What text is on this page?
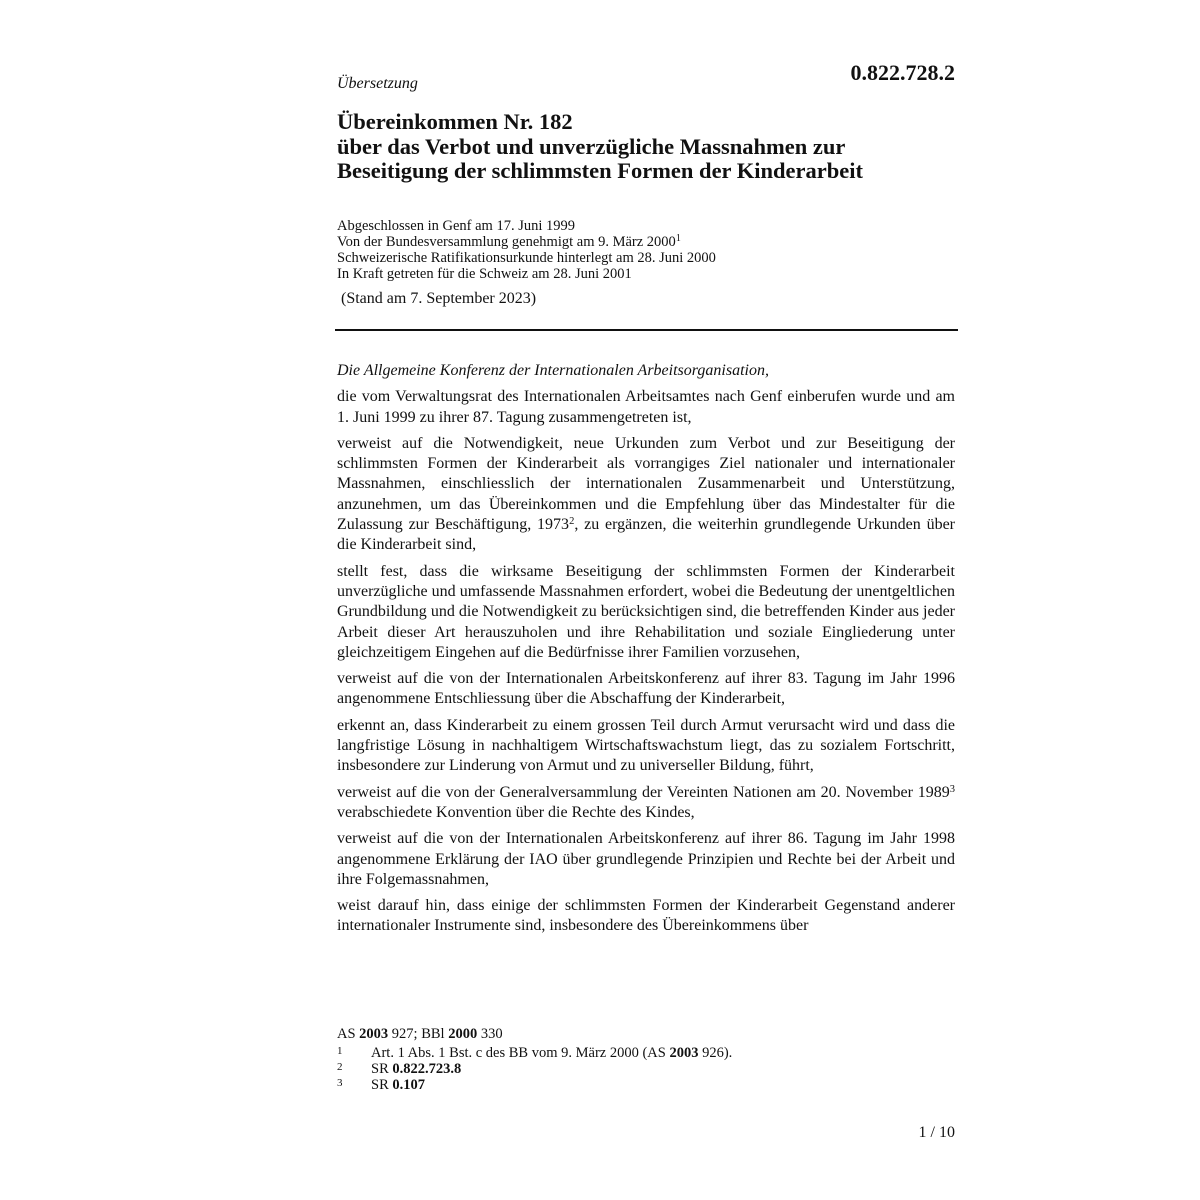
0.822.728.2
Übersetzung
Übereinkommen Nr. 182
über das Verbot und unverzügliche Massnahmen zur
Beseitigung der schlimmsten Formen der Kinderarbeit
Abgeschlossen in Genf am 17. Juni 1999
Von der Bundesversammlung genehmigt am 9. März 2000$^1$
Schweizerische Ratifikationsurkunde hinterlegt am 28. Juni 2000
In Kraft getreten für die Schweiz am 28. Juni 2001
(Stand am 7. September 2023)
Die Allgemeine Konferenz der Internationalen Arbeitsorganisation,

die vom Verwaltungsrat des Internationalen Arbeitsamtes nach Genf einberufen wurde und am 1. Juni 1999 zu ihrer 87. Tagung zusammengetreten ist,

verweist auf die Notwendigkeit, neue Urkunden zum Verbot und zur Beseitigung der schlimmsten Formen der Kinderarbeit als vorrangiges Ziel nationaler und internationaler Massnahmen, einschliesslich der internationalen Zusammenarbeit und Unterstützung, anzunehmen, um das Übereinkommen und die Empfehlung über das Mindestalter für die Zulassung zur Beschäftigung, 1973$^2$, zu ergänzen, die weiterhin grundlegende Urkunden über die Kinderarbeit sind,

stellt fest, dass die wirksame Beseitigung der schlimmsten Formen der Kinderarbeit unverzügliche und umfassende Massnahmen erfordert, wobei die Bedeutung der unentgeltlichen Grundbildung und die Notwendigkeit zu berücksichtigen sind, die betreffenden Kinder aus jeder Arbeit dieser Art herauszuholen und ihre Rehabilitation und soziale Eingliederung unter gleichzeitigem Eingehen auf die Bedürfnisse ihrer Familien vorzusehen,

verweist auf die von der Internationalen Arbeitskonferenz auf ihrer 83. Tagung im Jahr 1996 angenommene Entschliessung über die Abschaffung der Kinderarbeit,

erkennt an, dass Kinderarbeit zu einem grossen Teil durch Armut verursacht wird und dass die langfristige Lösung in nachhaltigem Wirtschaftswachstum liegt, das zu sozialem Fortschritt, insbesondere zur Linderung von Armut und zu universeller Bildung, führt,

verweist auf die von der Generalversammlung der Vereinten Nationen am 20. November 1989$^3$ verabschiedete Konvention über die Rechte des Kindes,

verweist auf die von der Internationalen Arbeitskonferenz auf ihrer 86. Tagung im Jahr 1998 angenommene Erklärung der IAO über grundlegende Prinzipien und Rechte bei der Arbeit und ihre Folgemassnahmen,

weist darauf hin, dass einige der schlimmsten Formen der Kinderarbeit Gegenstand anderer internationaler Instrumente sind, insbesondere des Übereinkommens über

AS 2003 927; BBl 2000 330
1	Art. 1 Abs. 1 Bst. c des BB vom 9. März 2000 (AS 2003 926).
2	SR 0.822.723.8
3	SR 0.107
1 / 10
